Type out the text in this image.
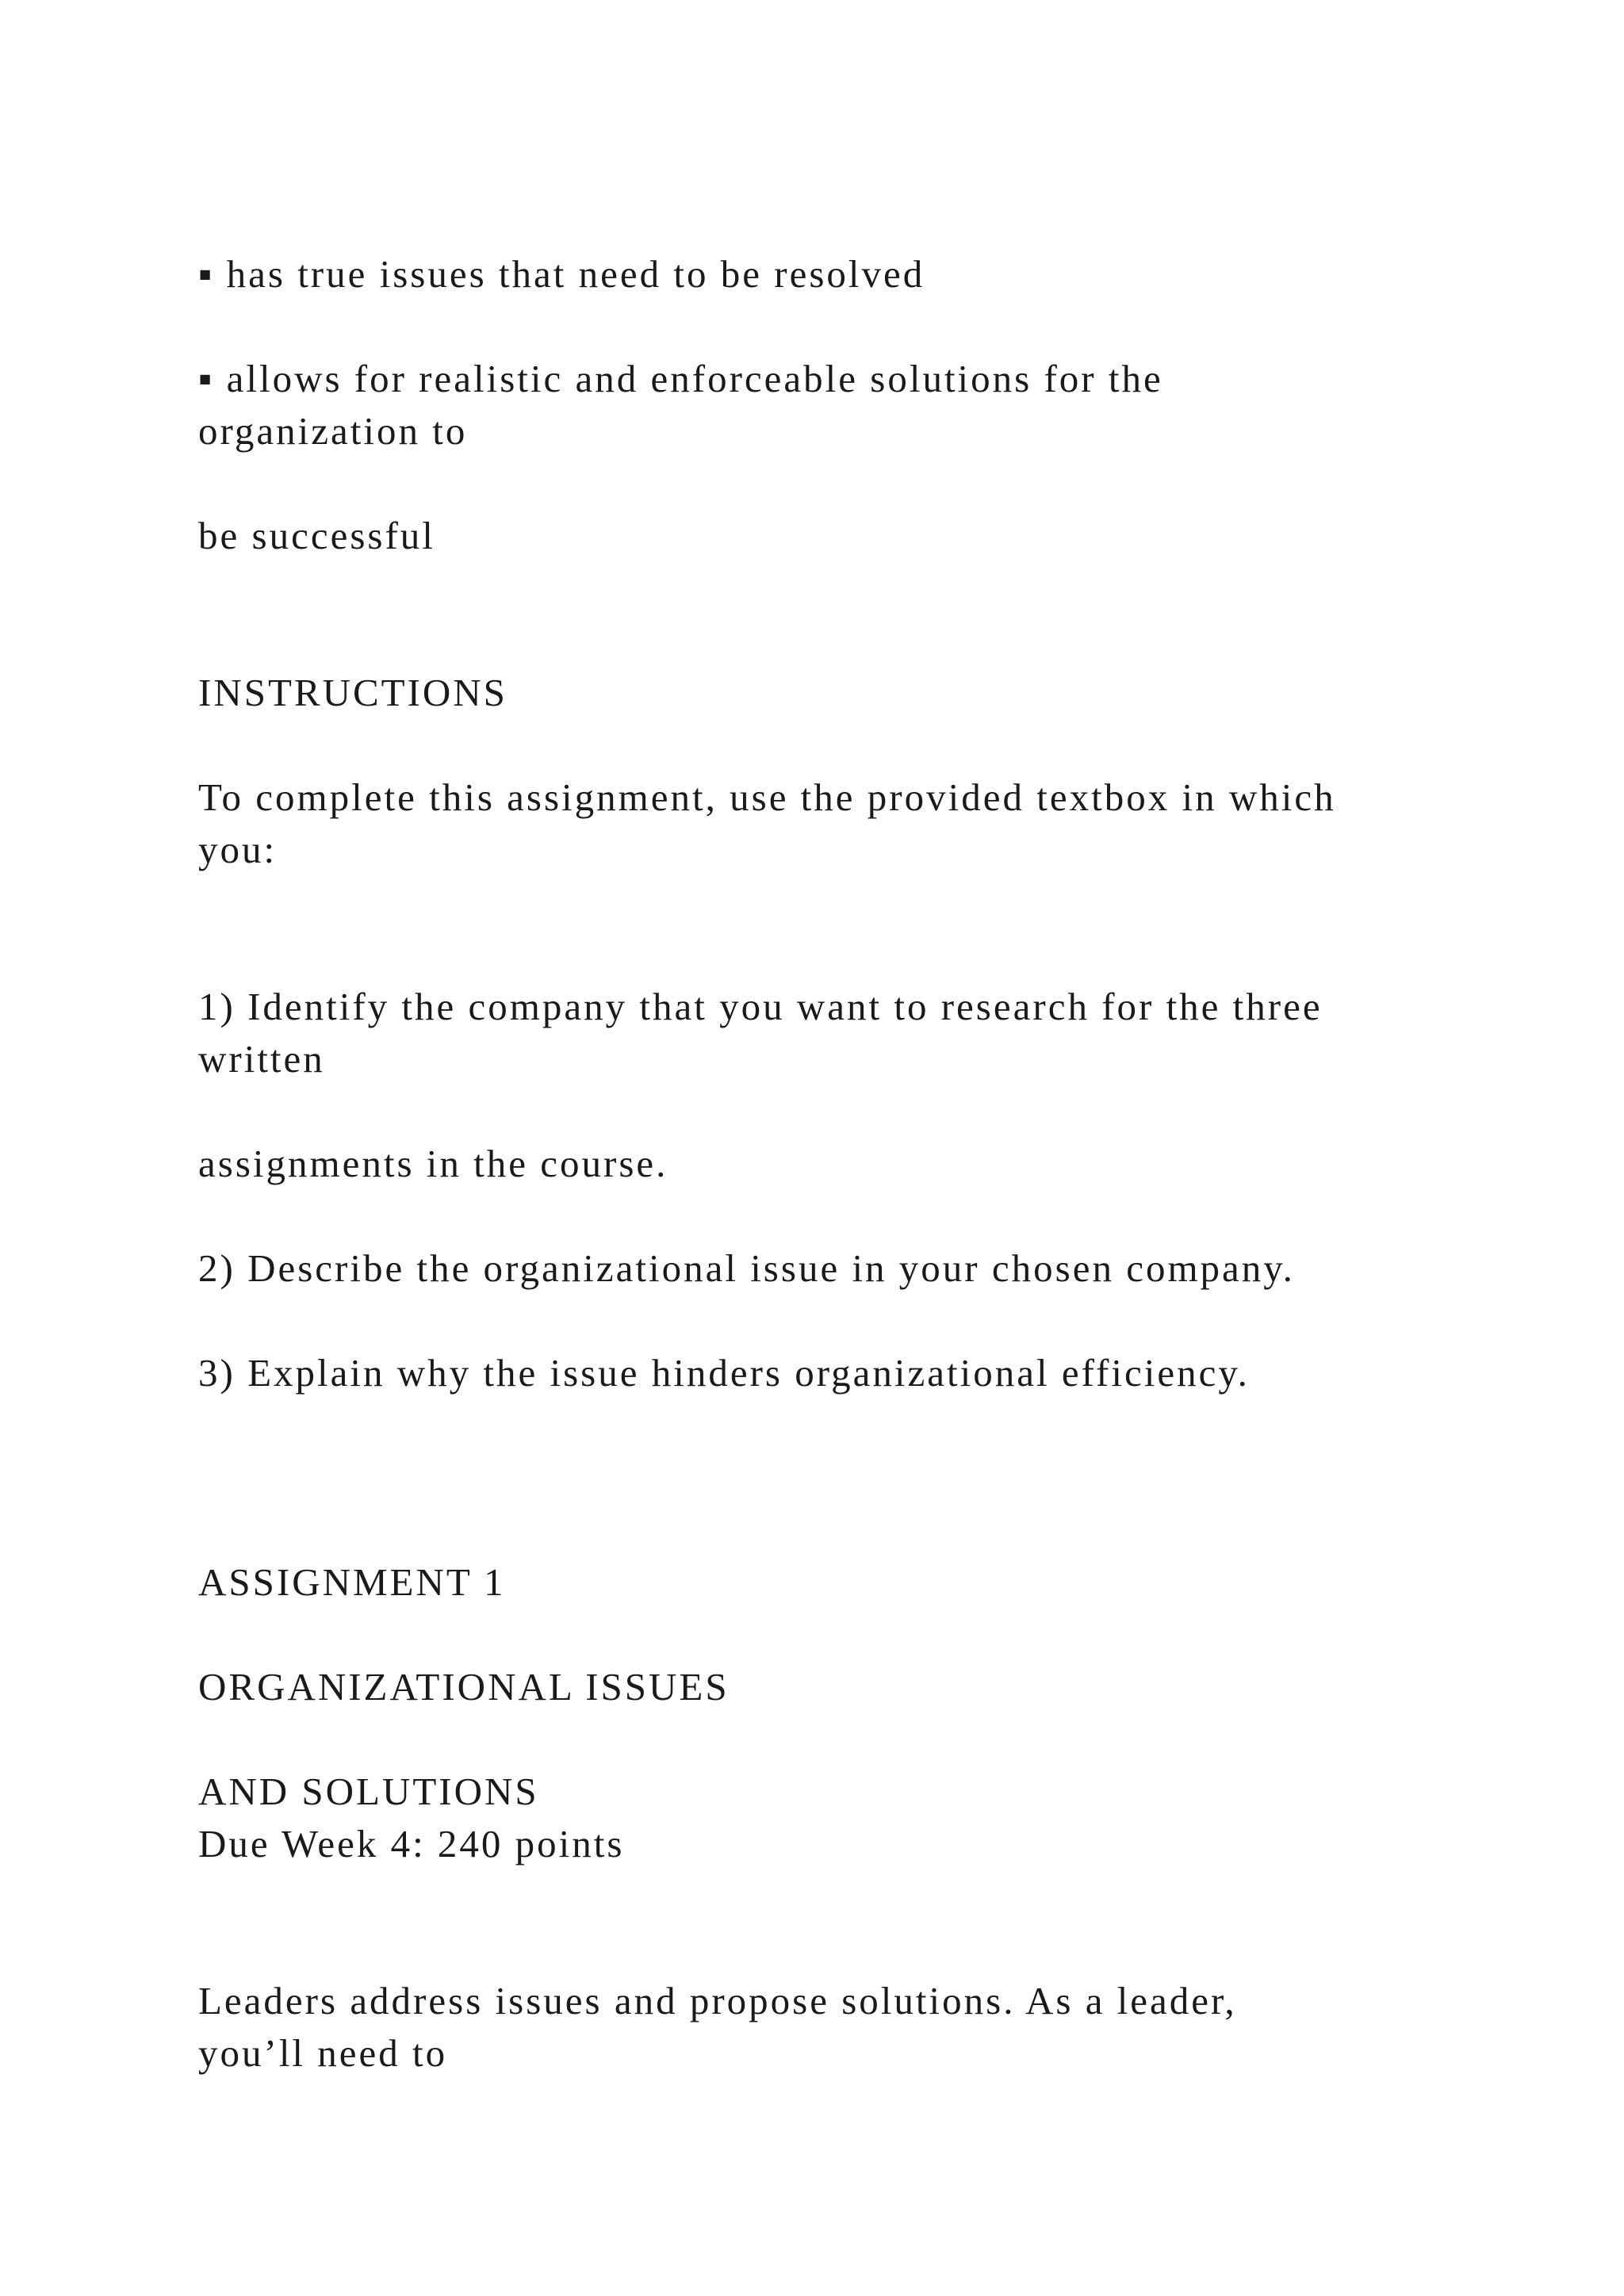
▪ has true issues that need to be resolved
▪ allows for realistic and enforceable solutions for the
organization to
be successful
INSTRUCTIONS
To complete this assignment, use the provided textbox in which
you:
1) Identify the company that you want to research for the three
written
assignments in the course.
2) Describe the organizational issue in your chosen company.
3) Explain why the issue hinders organizational efficiency.
ASSIGNMENT 1
ORGANIZATIONAL ISSUES
AND SOLUTIONS
Due Week 4: 240 points
Leaders address issues and propose solutions. As a leader,
you’ll need to
